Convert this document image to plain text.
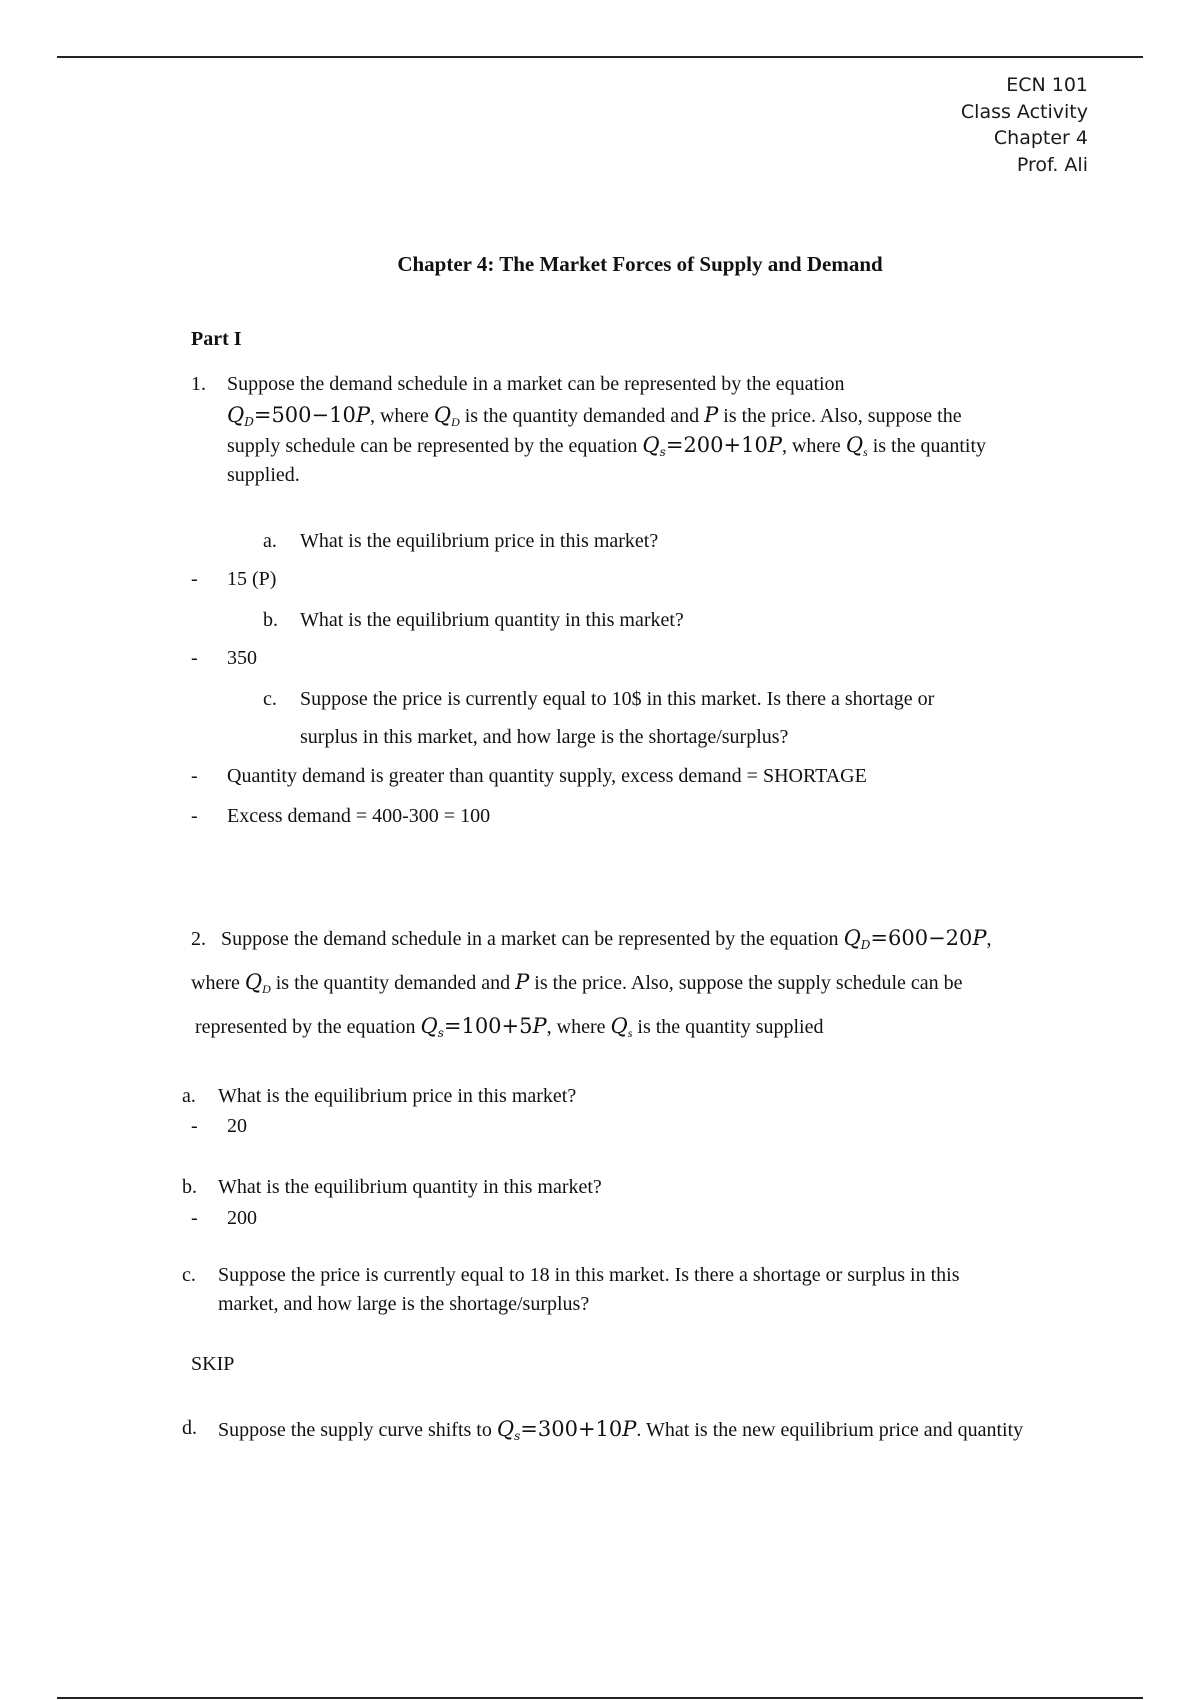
ECN 101
Class Activity
Chapter 4
Prof. Ali
Chapter 4: The Market Forces of Supply and Demand
Part I
1. Suppose the demand schedule in a market can be represented by the equation
$Q_D=500-10P$, where $Q_D$ is the quantity demanded and P is the price. Also, suppose the
supply schedule can be represented by the equation $Q_s=200+10P$, where $Q_s$ is the quantity
supplied.
a. What is the equilibrium price in this market?
- 15 (P)
b. What is the equilibrium quantity in this market?
- 350
c. Suppose the price is currently equal to 10$ in this market. Is there a shortage or
surplus in this market, and how large is the shortage/surplus?
- Quantity demand is greater than quantity supply, excess demand = SHORTAGE
- Excess demand = 400-300 = 100
2. Suppose the demand schedule in a market can be represented by the equation $Q_D=600-20P$,
where $Q_D$ is the quantity demanded and P is the price. Also, suppose the supply schedule can be
represented by the equation $Q_s=100+5P$, where $Q_s$ is the quantity supplied
a. What is the equilibrium price in this market?
- 20
b. What is the equilibrium quantity in this market?
- 200
c. Suppose the price is currently equal to 18 in this market. Is there a shortage or surplus in this
market, and how large is the shortage/surplus?
SKIP
d. Suppose the supply curve shifts to $Q_s=300+10P$. What is the new equilibrium price and quantity
